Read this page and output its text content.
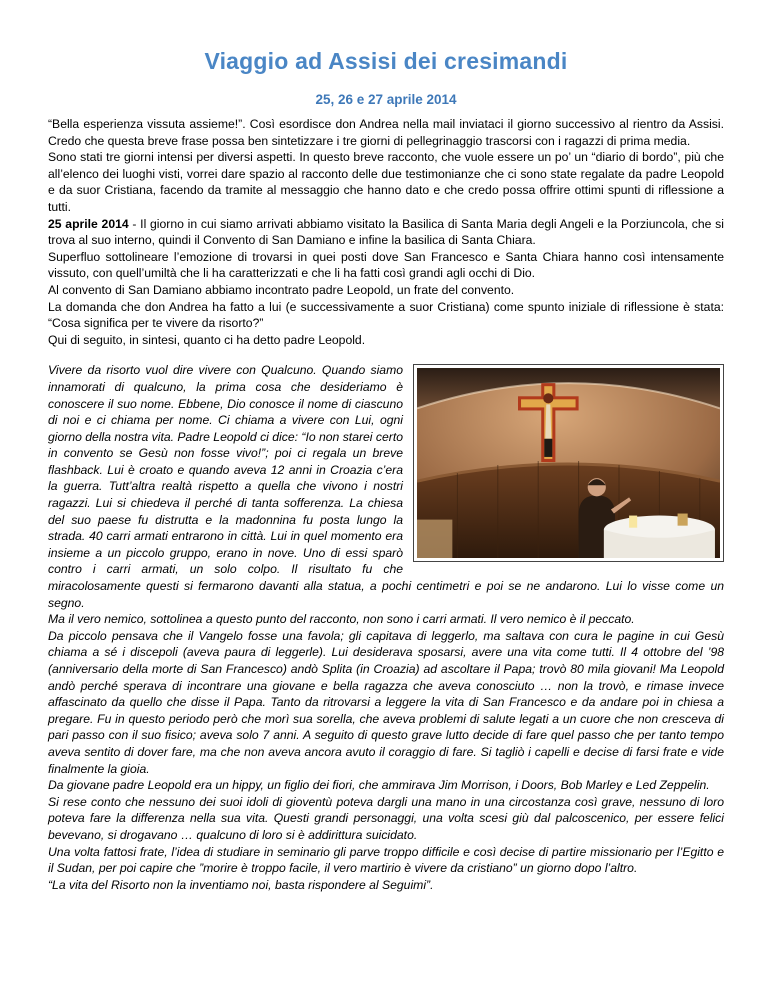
Viaggio ad Assisi dei cresimandi
25, 26 e 27 aprile 2014

“Bella esperienza vissuta assieme!”. Così esordisce don Andrea nella mail inviataci il giorno successivo al rientro da Assisi. Credo che questa breve frase possa ben sintetizzare i tre giorni di pellegrinaggio trascorsi con i ragazzi di prima media.

Sono stati tre giorni intensi per diversi aspetti. In questo breve racconto, che vuole essere un po’ un “diario di bordo”, più che all’elenco dei luoghi visti, vorrei dare spazio al racconto delle due testimonianze che ci sono state regalate da padre Leopold e da suor Cristiana, facendo da tramite al messaggio che hanno dato e che credo possa offrire ottimi spunti di riflessione a tutti.

25 aprile 2014 - Il giorno in cui siamo arrivati abbiamo visitato la Basilica di Santa Maria degli Angeli e la Porziuncola, che si trova al suo interno, quindi il Convento di San Damiano e infine la basilica di Santa Chiara.

Superfluo sottolineare l’emozione di trovarsi in quei posti dove San Francesco e Santa Chiara hanno così intensamente vissuto, con quell’umiltà che li ha caratterizzati e che li ha fatti così grandi agli occhi di Dio.

Al convento di San Damiano abbiamo incontrato padre Leopold, un frate del convento.

La domanda che don Andrea ha fatto a lui (e successivamente a suor Cristiana) come spunto iniziale di riflessione è stata: “Cosa significa per te vivere da risorto?”

Qui di seguito, in sintesi, quanto ci ha detto padre Leopold.

Vivere da risorto vuol dire vivere con Qualcuno. Quando siamo innamorati di qualcuno, la prima cosa che desideriamo è conoscere il suo nome. Ebbene, Dio conosce il nome di ciascuno di noi e ci chiama per nome. Ci chiama a vivere con Lui, ogni giorno della nostra vita. Padre Leopold ci dice: “Io non starei certo in convento se Gesù non fosse vivo!”; poi ci regala un breve flashback. Lui è croato e quando aveva 12 anni in Croazia c’era la guerra. Tutt’altra realtà rispetto a quella che vivono i nostri ragazzi. Lui si chiedeva il perché di tanta sofferenza. La chiesa del suo paese fu distrutta e la madonnina fu posta lungo la strada. 40 carri armati entrarono in città. Lui in quel momento era insieme a un piccolo gruppo, erano in nove. Uno di essi sparò contro i carri armati, un solo colpo. Il risultato fu che miracolosamente questi si fermarono davanti alla statua, a pochi centimetri e poi se ne andarono. Lui lo visse come un segno.

Ma il vero nemico, sottolinea a questo punto del racconto, non sono i carri armati. Il vero nemico è il peccato.

Da piccolo pensava che il Vangelo fosse una favola; gli capitava di leggerlo, ma saltava con cura le pagine in cui Gesù chiama a sé i discepoli (aveva paura di leggerle). Lui desiderava sposarsi, avere una vita come tutti. Il 4 ottobre del ’98 (anniversario della morte di San Francesco) andò Splita (in Croazia) ad ascoltare il Papa; trovò 80 mila giovani! Ma Leopold andò perché sperava di incontrare una giovane e bella ragazza che aveva conosciuto … non la trovò, e rimase invece affascinato da quello che disse il Papa. Tanto da ritrovarsi a leggere la vita di San Francesco e da andare poi in chiesa a pregare. Fu in questo periodo però che morì sua sorella, che aveva problemi di salute legati a un cuore che non cresceva di pari passo con il suo fisico; aveva solo 7 anni. A seguito di questo grave lutto decide di fare quel passo che per tanto tempo aveva sentito di dover fare, ma che non aveva ancora avuto il coraggio di fare. Si tagliò i capelli e decise di farsi frate e vide finalmente la gioia.

Da giovane padre Leopold era un hippy, un figlio dei fiori, che ammirava Jim Morrison, i Doors, Bob Marley e Led Zeppelin.

Si rese conto che nessuno dei suoi idoli di gioventù poteva dargli una mano in una circostanza così grave, nessuno di loro poteva fare la differenza nella sua vita. Questi grandi personaggi, una volta scesi giù dal palcoscenico, per essere felici bevevano, si drogavano … qualcuno di loro si è addirittura suicidato.

Una volta fattosi frate, l’idea di studiare in seminario gli parve troppo difficile e così decise di partire missionario per l’Egitto e il Sudan, per poi capire che ”morire è troppo facile, il vero martirio è vivere da cristiano” un giorno dopo l’altro.

“La vita del Risorto non la inventiamo noi, basta rispondere al Seguimi”.
